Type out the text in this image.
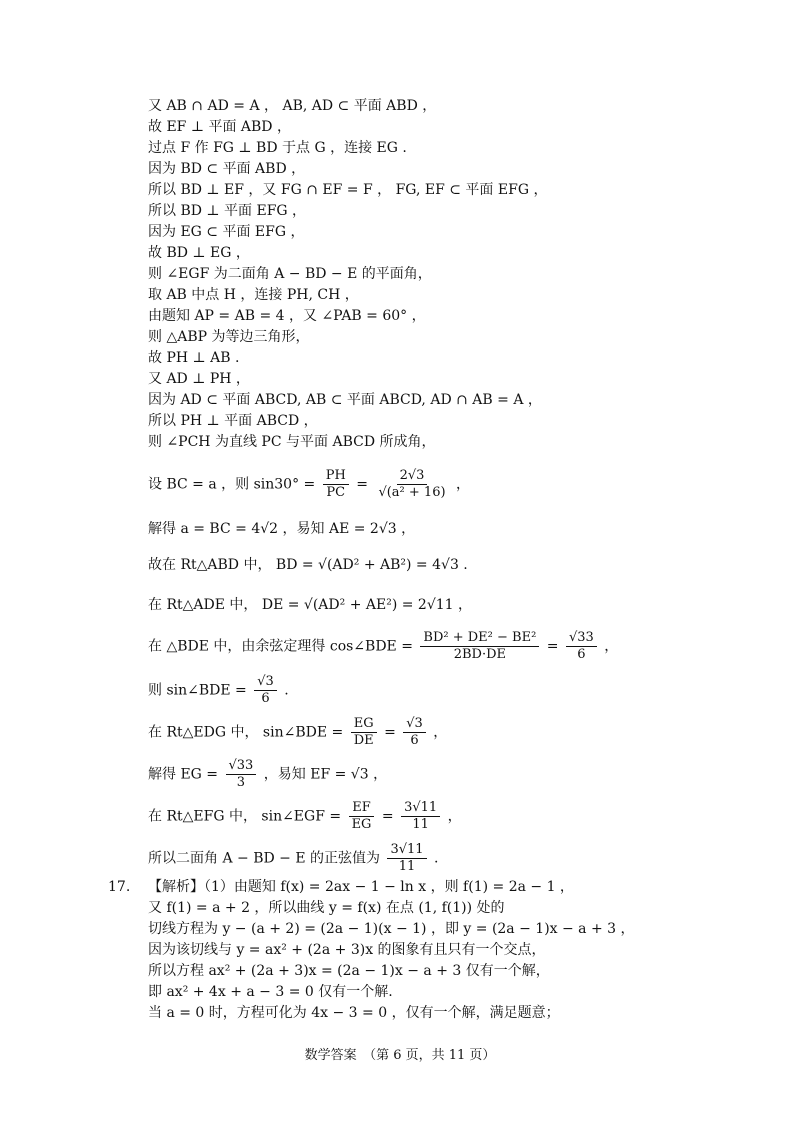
又 AB ∩ AD = A ， AB, AD ⊂ 平面 ABD ，
故 EF ⊥ 平面 ABD ，
过点 F 作 FG ⊥ BD 于点 G ，连接 EG .
因为 BD ⊂ 平面 ABD ，
所以 BD ⊥ EF ，又 FG ∩ EF = F ， FG, EF ⊂ 平面 EFG ，
所以 BD ⊥ 平面 EFG ，
因为 EG ⊂ 平面 EFG ，
故 BD ⊥ EG ，
则 ∠EGF 为二面角 A − BD − E 的平面角，
取 AB 中点 H ，连接 PH, CH ，
由题知 AP = AB = 4 ，又 ∠PAB = 60° ，
则 △ABP 为等边三角形，
故 PH ⊥ AB .
又 AD ⊥ PH ，
因为 AD ⊂ 平面 ABCD, AB ⊂ 平面 ABCD, AD ∩ AB = A ，
所以 PH ⊥ 平面 ABCD ，
则 ∠PCH 为直线 PC 与平面 ABCD 所成角，
设 BC = a ，则 $\sin 30^\circ = \frac{PH}{PC} = \frac{2√3}{\text{√(a² + 16)}}$ ，
解得 a = BC = 4√2 ，易知 AE = 2√3 ，
故在 Rt△ABD 中， BD = √(AD² + AB²) = 4√3 .
在 Rt△ADE 中， DE = √(AD² + AE²) = 2√11 ，
在 △BDE 中，由余弦定理得 cos∠BDE = $\frac{\text{BD² + DE² − BE²}}{2BD\cdot DE} = \frac{√33}{6}$ ，
则 sin∠BDE = $\frac{√3}{6}$ .
在 Rt△EDG 中， sin∠BDE = $\frac{EG}{DE} = \frac{√3}{6}$ ，
解得 EG = $\frac{√33}{3}$ ，易知 EF = √3 ，
在 Rt△EFG 中， sin∠EGF = $\frac{EF}{EG} = \frac{3√11}{11}$ ，
所以二面角 A − BD − E 的正弦值为 $\frac{3√11}{11}$ .
17. 【解析】（1）由题知 f(x) = 2ax − 1 − ln x ，则 f(1) = 2a − 1 ，
又 f(1) = a + 2 ，所以曲线 y = f(x) 在点 (1, f(1)) 处的
切线方程为 y − (a + 2) = (2a − 1)(x − 1) ，即 y = (2a − 1)x − a + 3 ，
因为该切线与 y = ax² + (2a + 3)x 的图象有且只有一个交点，
所以方程 ax² + (2a + 3)x = (2a − 1)x − a + 3 仅有一个解，
即 ax² + 4x + a − 3 = 0 仅有一个解.
当 a = 0 时，方程可化为 4x − 3 = 0 ，仅有一个解，满足题意；
数学答案　（第 6 页，共 11 页）
